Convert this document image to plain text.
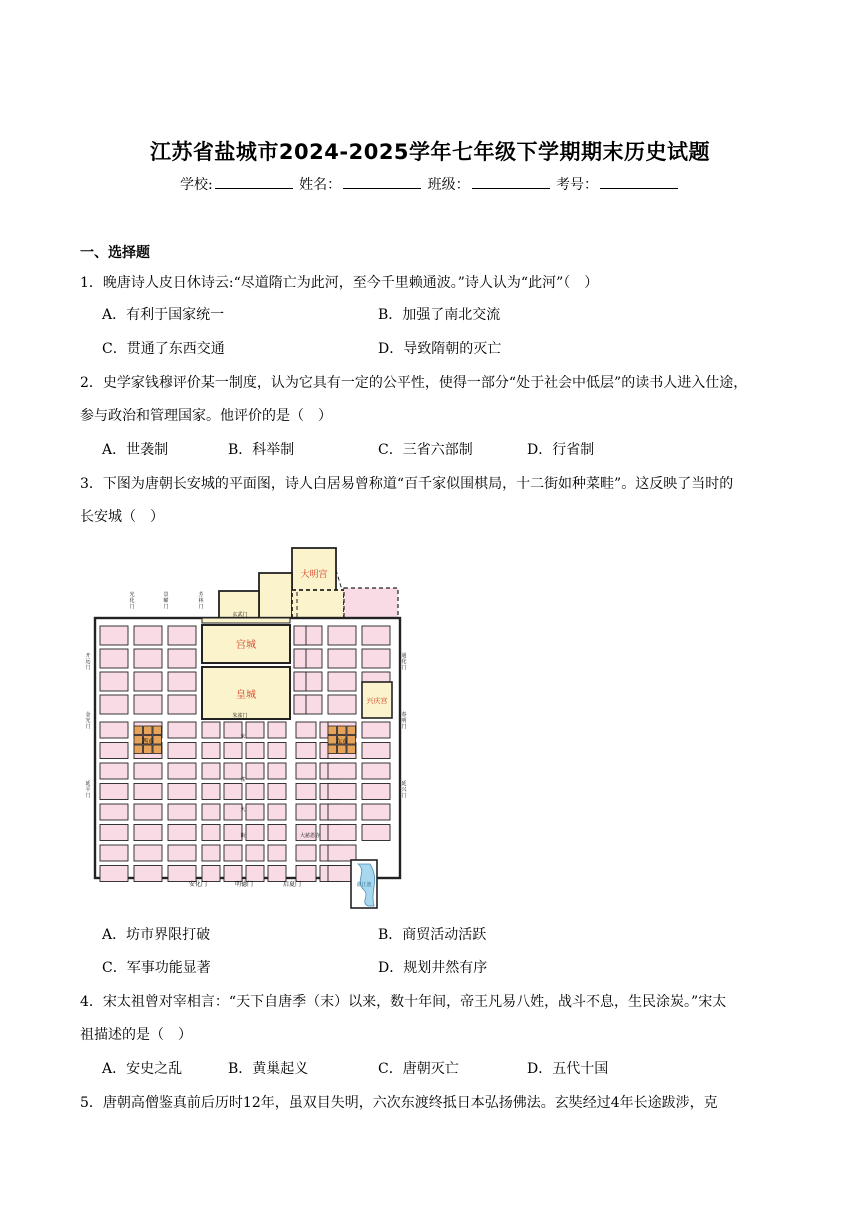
江苏省盐城市2024-2025学年七年级下学期期末历史试题
学校:	姓名：	班级：	考号：
一、选择题
1．晚唐诗人皮日休诗云:“尽道隋亡为此河，至今千里赖通波。”诗人认为“此河”（　）
A．有利于国家统一	B．加强了南北交流
C．贯通了东西交通	D．导致隋朝的灭亡
2．史学家钱穆评价某一制度，认为它具有一定的公平性，使得一部分“处于社会中低层”的读书人进入仕途，
参与政治和管理国家。他评价的是（　）
A．世袭制	B．科举制	C．三省六部制	D．行省制
3．下图为唐朝长安城的平面图，诗人白居易曾称道“百千家似围棋局，十二街如种菜畦”。这反映了当时的
长安城（　）
大明宫
玄武门
宫城
皇城
朱雀门
兴庆宫
西市	东市
曲江池
朱
雀
大
街	大慈恩寺
光化门
景曜门
芳林门
开远门
金光门
延平门
通化门
春明门
延兴门
安化门	明德门	启夏门
A．坊市界限打破	B．商贸活动活跃
C．军事功能显著	D．规划井然有序
4．宋太祖曾对宰相言：“天下自唐季（末）以来，数十年间，帝王凡易八姓，战斗不息，生民涂炭。”宋太
祖描述的是（　）
A．安史之乱	B．黄巢起义	C．唐朝灭亡	D．五代十国
5．唐朝高僧鉴真前后历时12年，虽双目失明，六次东渡终抵日本弘扬佛法。玄奘经过4年长途跋涉，克
